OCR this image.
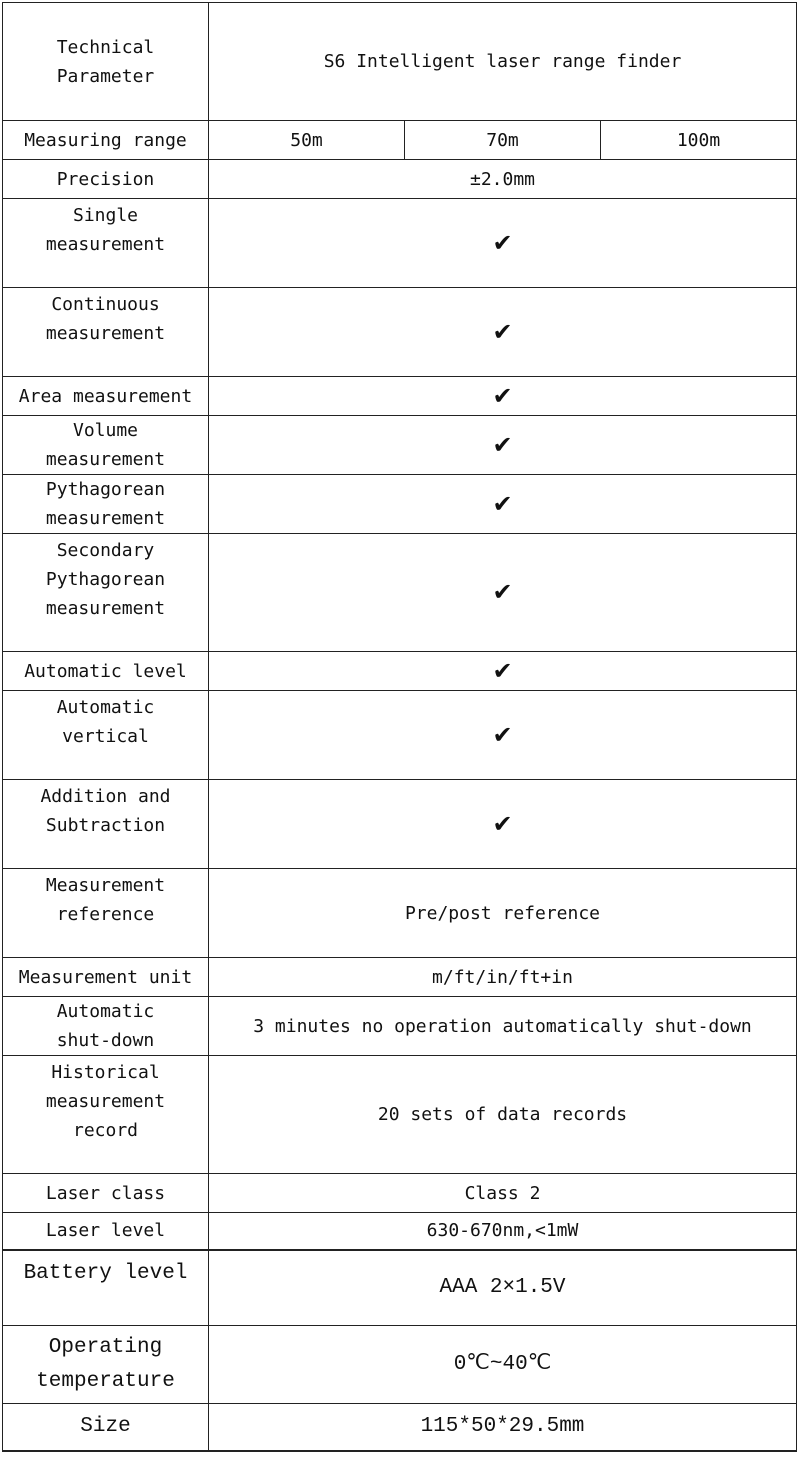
Technical
Parameter	S6 Intelligent laser range finder		
Measuring range	50m	70m	100m
Precision	±2.0mm		
Single
measurement	✔		
Continuous
measurement	✔		
Area measurement	✔		
Volume
measurement	✔		
Pythagorean
measurement	✔		
Secondary
Pythagorean
measurement	✔		
Automatic level	✔		
Automatic
vertical	✔		
Addition and
Subtraction	✔		
Measurement
reference	Pre/post reference		
Measurement unit	m/ft/in/ft+in		
Automatic
shut-down	3 minutes no operation automatically shut-down		
Historical
measurement
record	20 sets of data records		
Laser class	Class 2		
Laser level	630-670nm,<1mW		
Battery level	AAA 2×1.5V		
Operating
temperature	0℃~40℃		
Size	115*50*29.5mm		
